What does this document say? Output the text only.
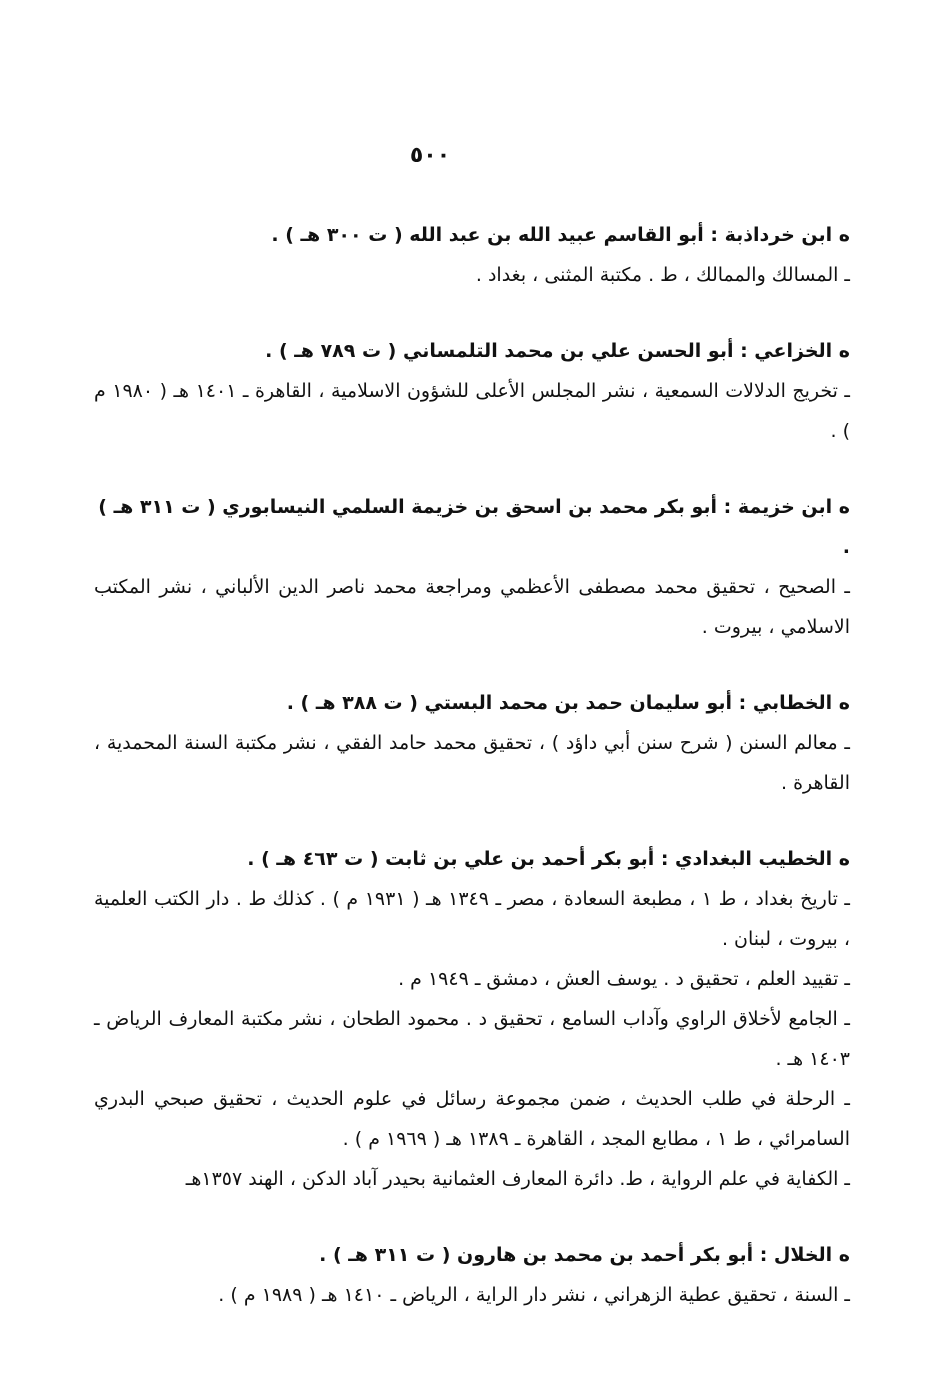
٥٠٠
ﻩ ابن خرداذبة : أبو القاسم عبيد الله بن عبد الله ( ت ٣٠٠ هـ ) .
ـ المسالك والممالك ، ط . مكتبة المثنى ، بغداد .
ﻩ الخزاعي : أبو الحسن علي بن محمد التلمساني ( ت ٧٨٩ هـ ) .
ـ تخريج الدلالات السمعية ، نشر المجلس الأعلى للشؤون الاسلامية ، القاهرة ـ ١٤٠١ هـ ( ١٩٨٠ م ) .
ﻩ ابن خزيمة : أبو بكر محمد بن اسحق بن خزيمة السلمي النيسابوري ( ت ٣١١ هـ ) .
ـ الصحيح ، تحقيق محمد مصطفى الأعظمي ومراجعة محمد ناصر الدين الألباني ، نشر المكتب الاسلامي ، بيروت .
ﻩ الخطابي : أبو سليمان حمد بن محمد البستي ( ت ٣٨٨ هـ ) .
ـ معالم السنن ( شرح سنن أبي داؤد ) ، تحقيق محمد حامد الفقي ، نشر مكتبة السنة المحمدية ، القاهرة .
ﻩ الخطيب البغدادي : أبو بكر أحمد بن علي بن ثابت ( ت ٤٦٣ هـ ) .
ـ تاريخ بغداد ، ط ١ ، مطبعة السعادة ، مصر ـ ١٣٤٩ هـ ( ١٩٣١ م ) . كذلك ط . دار الكتب العلمية ، بيروت ، لبنان .
ـ تقييد العلم ، تحقيق د . يوسف العش ، دمشق ـ ١٩٤٩ م .
ـ الجامع لأخلاق الراوي وآداب السامع ، تحقيق د . محمود الطحان ، نشر مكتبة المعارف الرياض ـ ١٤٠٣ هـ .
ـ الرحلة في طلب الحديث ، ضمن مجموعة رسائل في علوم الحديث ، تحقيق صبحي البدري السامرائي ، ط ١ ، مطابع المجد ، القاهرة ـ ١٣٨٩ هـ ( ١٩٦٩ م ) .
ـ الكفاية في علم الرواية ، ط. دائرة المعارف العثمانية بحيدر آباد الدكن ، الهند ١٣٥٧هـ
ﻩ الخلال : أبو بكر أحمد بن محمد بن هارون ( ت ٣١١ هـ ) .
ـ السنة ، تحقيق عطية الزهراني ، نشر دار الراية ، الرياض ـ ١٤١٠ هـ ( ١٩٨٩ م ) .
